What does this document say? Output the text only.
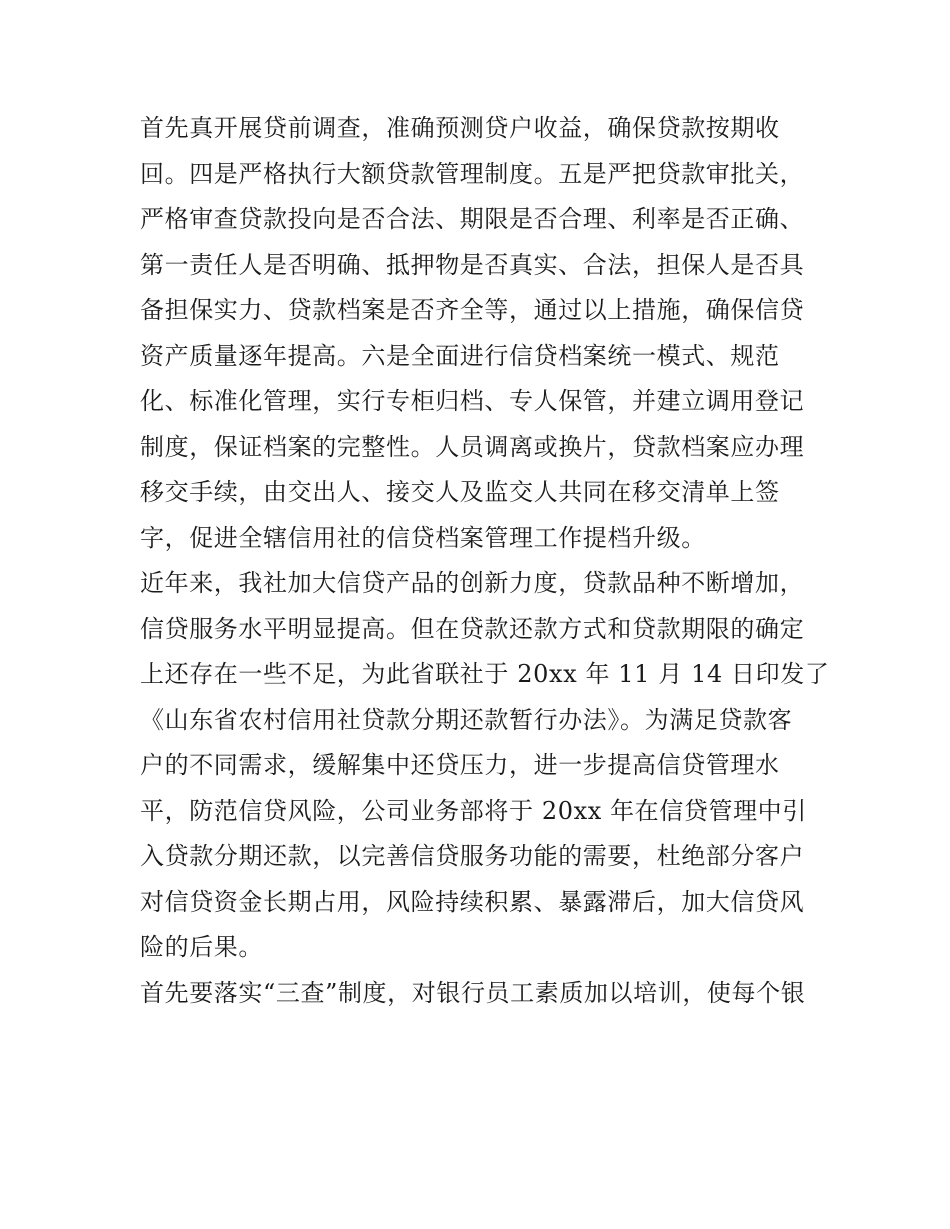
首先真开展贷前调查，准确预测贷户收益，确保贷款按期收
回。四是严格执行大额贷款管理制度。五是严把贷款审批关，
严格审查贷款投向是否合法、期限是否合理、利率是否正确、
第一责任人是否明确、抵押物是否真实、合法，担保人是否具
备担保实力、贷款档案是否齐全等，通过以上措施，确保信贷
资产质量逐年提高。六是全面进行信贷档案统一模式、规范
化、标准化管理，实行专柜归档、专人保管，并建立调用登记
制度，保证档案的完整性。人员调离或换片，贷款档案应办理
移交手续，由交出人、接交人及监交人共同在移交清单上签
字，促进全辖信用社的信贷档案管理工作提档升级。

近年来，我社加大信贷产品的创新力度，贷款品种不断增加，
信贷服务水平明显提高。但在贷款还款方式和贷款期限的确定
上还存在一些不足，为此省联社于 20xx 年 11 月 14 日印发了
《山东省农村信用社贷款分期还款暂行办法》。为满足贷款客
户的不同需求，缓解集中还贷压力，进一步提高信贷管理水
平，防范信贷风险，公司业务部将于 20xx 年在信贷管理中引
入贷款分期还款，以完善信贷服务功能的需要，杜绝部分客户
对信贷资金长期占用，风险持续积累、暴露滞后，加大信贷风
险的后果。

首先要落实“三查”制度，对银行员工素质加以培训，使每个银
